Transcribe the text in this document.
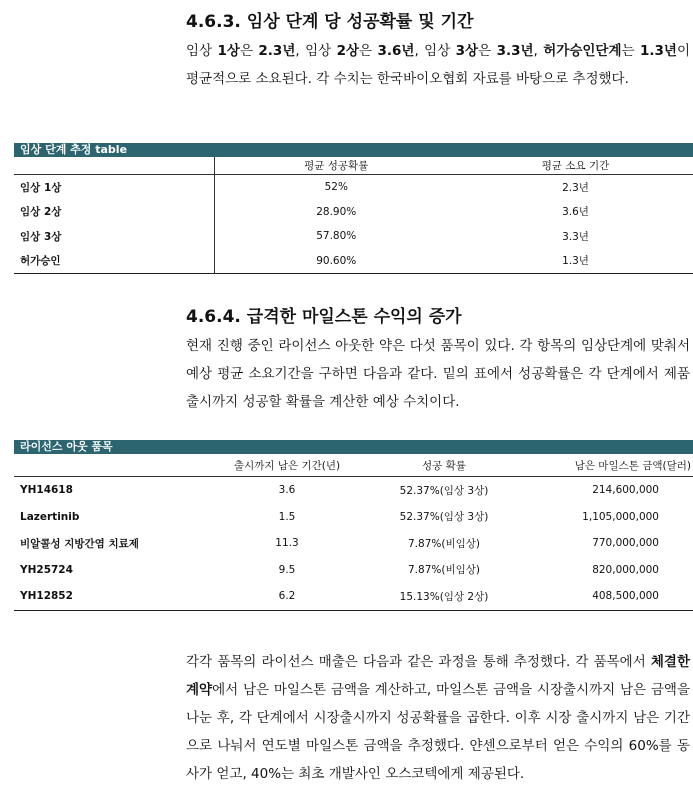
4.6.3. 임상 단계 당 성공확률 및 기간

임상 1상은 2.3년, 임상 2상은 3.6년, 임상 3상은 3.3년, 허가승인단계는 1.3년이 평균적으로 소요된다. 각 수치는 한국바이오협회 자료를 바탕으로 추정했다.

임상 단계 추정 table
	평균 성공확률	평균 소요 기간
임상 1상	52%	2.3년
임상 2상	28.90%	3.6년
임상 3상	57.80%	3.3년
허가승인	90.60%	1.3년
4.6.4. 급격한 마일스톤 수익의 증가

현재 진행 중인 라이선스 아웃한 약은 다섯 품목이 있다. 각 항목의 임상단계에 맞춰서 예상 평균 소요기간을 구하면 다음과 같다. 밑의 표에서 성공확률은 각 단계에서 제품 출시까지 성공할 확률을 계산한 예상 수치이다.

라이선스 아웃 품목
	출시까지 남은 기간(년)	성공 확률	남은 마일스톤 금액(달러)
YH14618	3.6	52.37%(임상 3상)	214,600,000
Lazertinib	1.5	52.37%(임상 3상)	1,105,000,000
비알콜성 지방간염 치료제	11.3	7.87%(비임상)	770,000,000
YH25724	9.5	7.87%(비임상)	820,000,000
YH12852	6.2	15.13%(임상 2상)	408,500,000

각각 품목의 라이선스 매출은 다음과 같은 과정을 통해 추정했다. 각 품목에서 체결한 계약에서 남은 마일스톤 금액을 계산하고, 마일스톤 금액을 시장출시까지 남은 금액을 나눈 후, 각 단계에서 시장출시까지 성공확률을 곱한다. 이후 시장 출시까지 남은 기간으로 나눠서 연도별 마일스톤 금액을 추정했다. 얀센으로부터 얻은 수익의 60%를 동사가 얻고, 40%는 최초 개발사인 오스코텍에게 제공된다.
